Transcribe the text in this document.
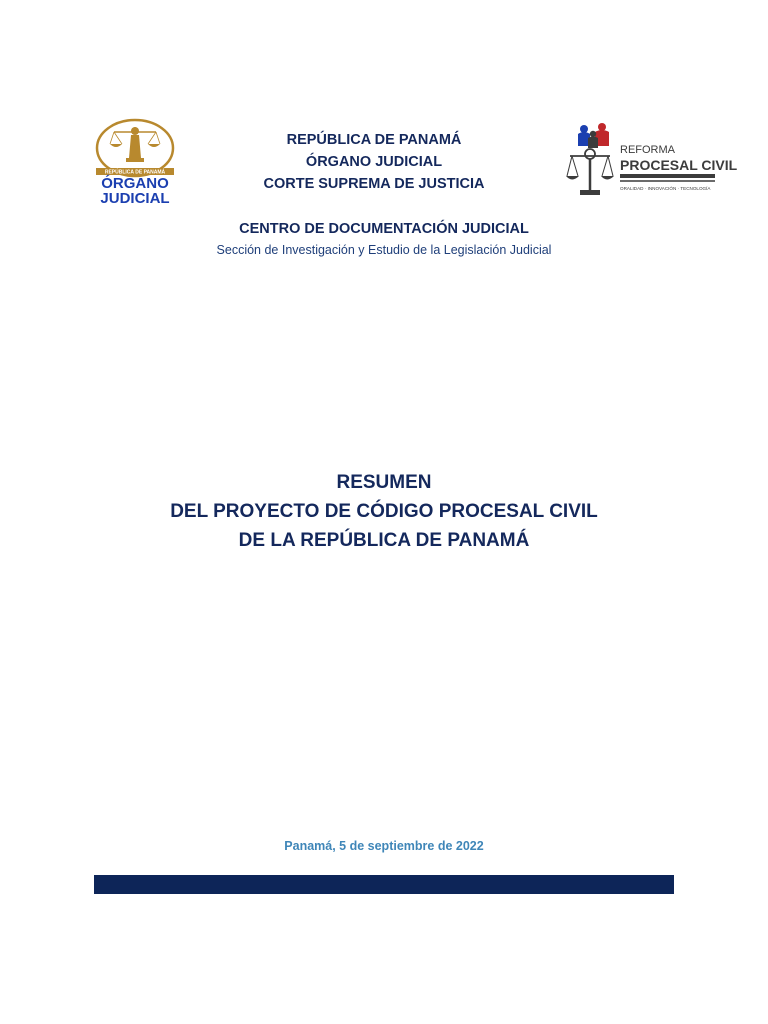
REPÚBLICA DE PANAMÁ
ÓRGANO
JUDICIAL
REPÚBLICA DE PANAMÁ
ÓRGANO JUDICIAL
CORTE SUPREMA DE JUSTICIA
REFORMA
PROCESAL CIVIL
ORALIDAD · INNOVACIÓN · TECNOLOGÍA
CENTRO DE DOCUMENTACIÓN JUDICIAL
Sección de Investigación y Estudio de la Legislación Judicial
RESUMEN
DEL PROYECTO DE CÓDIGO PROCESAL CIVIL
DE LA REPÚBLICA DE PANAMÁ
Panamá, 5 de septiembre de 2022
